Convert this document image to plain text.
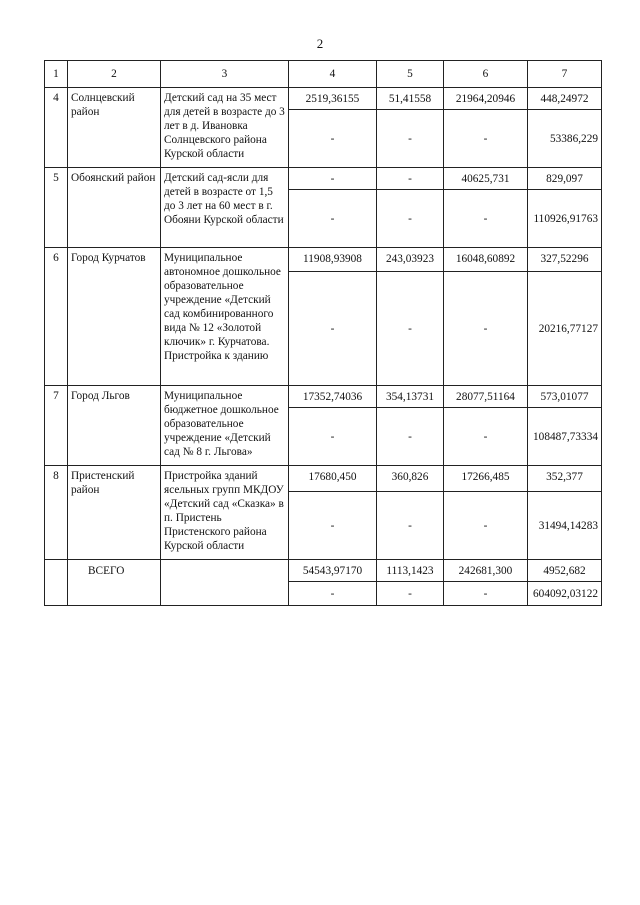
2
1	2	3	4	5	6	7
4	Солнцевский район	Детский сад на 35 мест для детей в возрасте до 3 лет в д. Ивановка Солнцевского района Курской области	2519,36155	51,41558	21964,20946	448,24972
			-	-	-	53386,229
5	Обоянский район	Детский сад-ясли для детей в возрасте от 1,5 до 3 лет на 60 мест в г. Обояни Курской области	-	-	40625,731	829,097
			-	-	-	110926,91763
6	Город Курчатов	Муниципальное автономное дошкольное образовательное учреждение «Детский сад комбинированного вида № 12 «Золотой ключик» г. Курчатова. Пристройка к зданию	11908,93908	243,03923	16048,60892	327,52296
			-	-	-	20216,77127
7	Город Льгов	Муниципальное бюджетное дошкольное образовательное учреждение «Детский сад № 8 г. Льгова»	17352,74036	354,13731	28077,51164	573,01077
			-	-	-	108487,73334
8	Пристенский район	Пристройка зданий ясельных групп МКДОУ «Детский сад «Сказка» в п. Пристень Пристенского района Курской области	17680,450	360,826	17266,485	352,377
			-	-	-	31494,14283
	ВСЕГО		54543,97170	1113,1423	242681,300	4952,682
			-	-	-	604092,03122
